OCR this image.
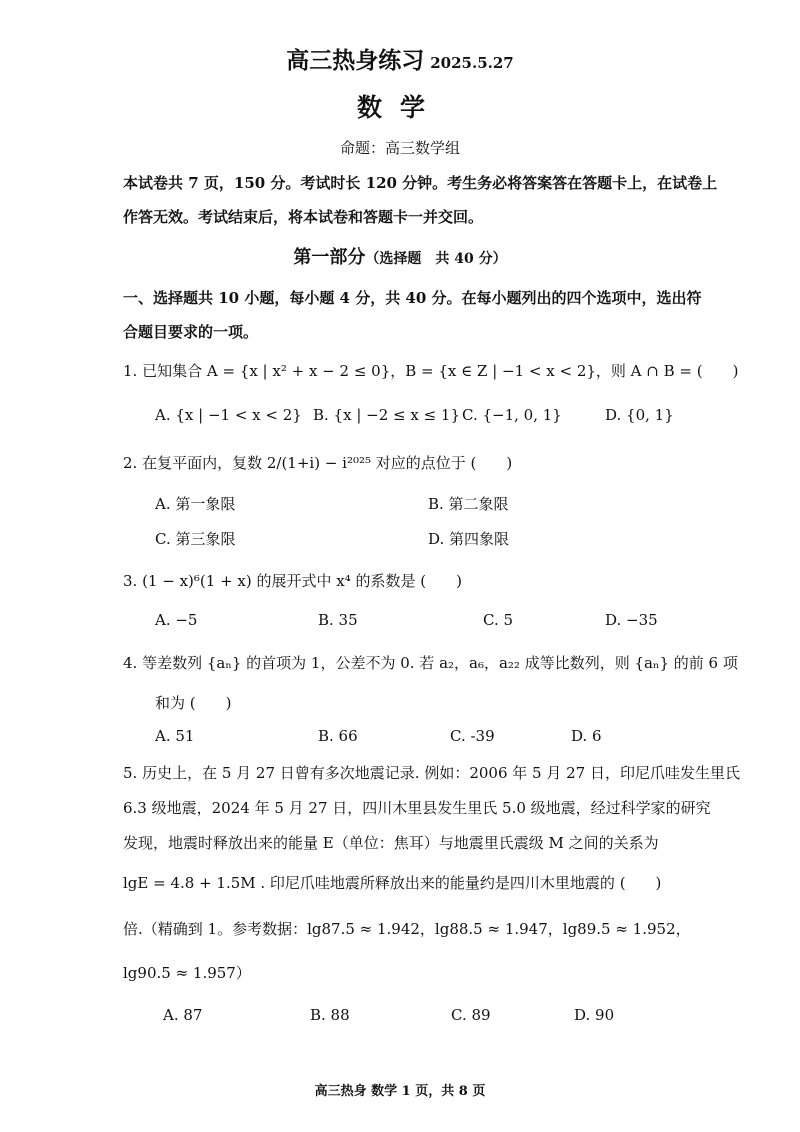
高三热身练习 2025.5.27
数学
命题：高三数学组
本试卷共 7 页，150 分。考试时长 120 分钟。考生务必将答案答在答题卡上，在试卷上
作答无效。考试结束后，将本试卷和答题卡一并交回。
第一部分（选择题　共 40 分）
一、选择题共 10 小题，每小题 4 分，共 40 分。在每小题列出的四个选项中，选出符
合题目要求的一项。
1. 已知集合 A = {x | x² + x − 2 ≤ 0}，B = {x ∈ Z | −1 < x < 2}，则 A ∩ B = (　　)
A. {x | −1 < x < 2} B. {x | −2 ≤ x ≤ 1} C. {−1, 0, 1}	D. {0, 1}
2. 在复平面内，复数 2/(1+i) − i²⁰²⁵ 对应的点位于 (　　)
A. 第一象限	B. 第二象限
C. 第三象限	D. 第四象限
3. (1 − x)⁶(1 + x) 的展开式中 x⁴ 的系数是 (　　)
A. −5	B. 35	C. 5	D. −35
4. 等差数列 {aₙ} 的首项为 1，公差不为 0. 若 a₂，a₆，a₂₂ 成等比数列，则 {aₙ} 的前 6 项
和为 (　　)
A. 51	B. 66	C. -39	D. 6
5. 历史上，在 5 月 27 日曾有多次地震记录. 例如：2006 年 5 月 27 日，印尼爪哇发生里氏
6.3 级地震，2024 年 5 月 27 日，四川木里县发生里氏 5.0 级地震，经过科学家的研究
发现，地震时释放出来的能量 E（单位：焦耳）与地震里氏震级 M 之间的关系为
lgE = 4.8 + 1.5M . 印尼爪哇地震所释放出来的能量约是四川木里地震的 (　　)
倍.（精确到 1。参考数据：lg87.5 ≈ 1.942，lg88.5 ≈ 1.947，lg89.5 ≈ 1.952，
lg90.5 ≈ 1.957）
A. 87	B. 88	C. 89	D. 90
高三热身 数学 1 页，共 8 页
